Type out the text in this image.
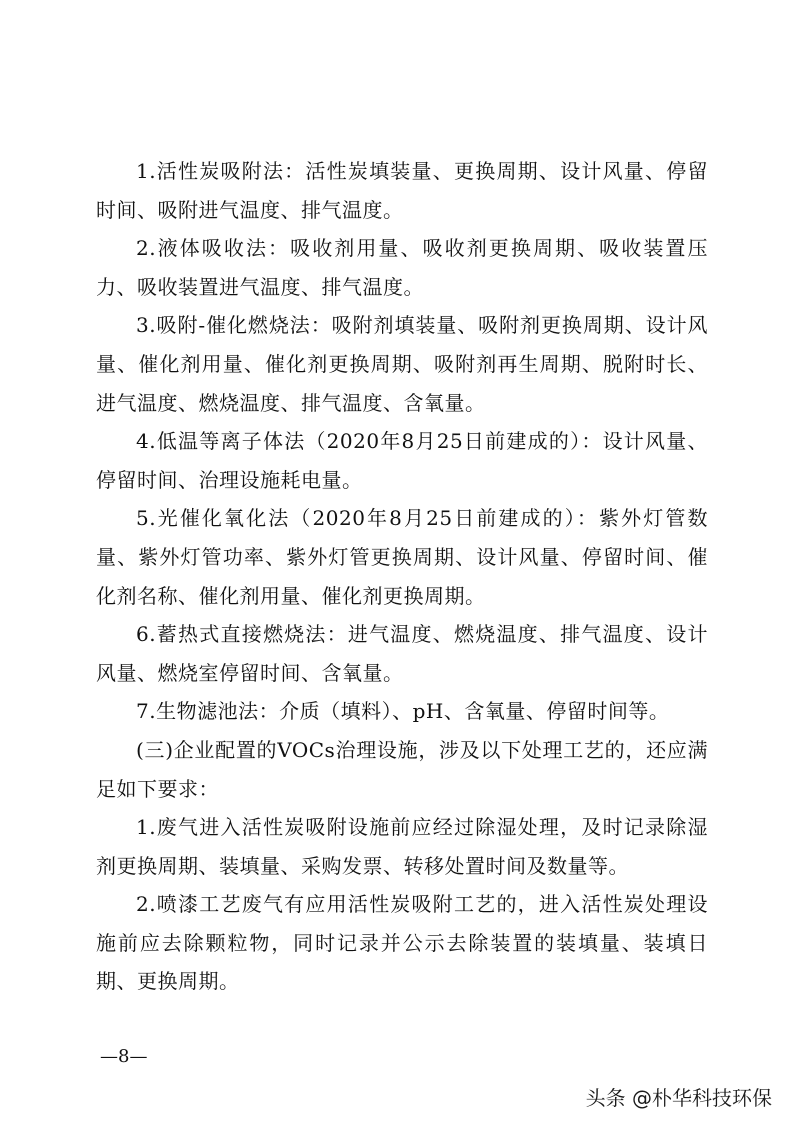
1.活性炭吸附法：活性炭填装量、更换周期、设计风量、停留时间、吸附进气温度、排气温度。

2.液体吸收法：吸收剂用量、吸收剂更换周期、吸收装置压力、吸收装置进气温度、排气温度。

3.吸附-催化燃烧法：吸附剂填装量、吸附剂更换周期、设计风量、催化剂用量、催化剂更换周期、吸附剂再生周期、脱附时长、进气温度、燃烧温度、排气温度、含氧量。

4.低温等离子体法（2020年8月25日前建成的）：设计风量、停留时间、治理设施耗电量。

5.光催化氧化法（2020年8月25日前建成的）：紫外灯管数量、紫外灯管功率、紫外灯管更换周期、设计风量、停留时间、催化剂名称、催化剂用量、催化剂更换周期。

6.蓄热式直接燃烧法：进气温度、燃烧温度、排气温度、设计风量、燃烧室停留时间、含氧量。

7.生物滤池法：介质（填料）、pH、含氧量、停留时间等。

(三)企业配置的VOCs治理设施，涉及以下处理工艺的，还应满足如下要求：

1.废气进入活性炭吸附设施前应经过除湿处理，及时记录除湿剂更换周期、装填量、采购发票、转移处置时间及数量等。

2.喷漆工艺废气有应用活性炭吸附工艺的，进入活性炭处理设施前应去除颗粒物，同时记录并公示去除装置的装填量、装填日期、更换周期。

—8—
头条 @朴华科技环保
